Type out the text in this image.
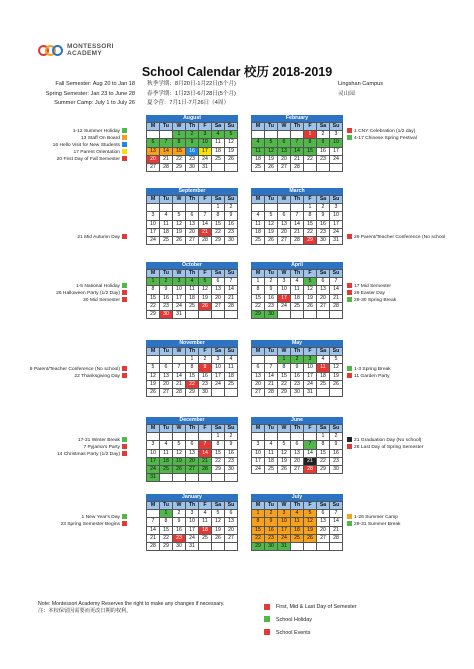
MONTESSORI
ACADEMY
School Calendar 校历 2018-2019
Fall Semester: Aug 20 to Jan 18
Spring Semester: Jan 23 to June 28
Summer Camp: July 1 to July 26
秋季学期：8月20日-1月22日(5个月)
春季学期：1月23日-6月28日(5个月)
夏令营：7月1日-7月26日（4周）
Lingshan Campus
灵山园
August
M	Tu	W	Th	F	Sa	Su
		1	2	3	4	5
6	7	8	9	10	11	12
13	14	15	16	17	18	19
20	21	22	23	24	25	26
27	28	29	30	31		
February
M	Tu	W	Th	F	Sa	Su
				1	2	3
4	5	6	7	8	9	10
11	12	13	14	15	16	17
18	19	20	21	22	23	24
25	26	27	28			
September
M	Tu	W	Th	F	Sa	Su
					1	2
3	4	5	6	7	8	9
10	11	12	13	14	15	16
17	18	19	20	21	22	23
24	25	26	27	28	29	30
March
M	Tu	W	Th	F	Sa	Su
				1	2	3
4	5	6	7	8	9	10
11	12	13	14	15	16	17
18	19	20	21	22	23	24
25	26	27	28	29	30	31
October
M	Tu	W	Th	F	Sa	Su
1	2	3	4	5	6	7
8	9	10	11	12	13	14
15	16	17	18	19	20	21
22	23	24	25	26	27	28
29	30	31				
April
M	Tu	W	Th	F	Sa	Su
1	2	3	4	5	6	7
8	9	10	11	12	13	14
15	16	17	18	19	20	21
22	23	24	25	26	27	28
29	30					
November
M	Tu	W	Th	F	Sa	Su
			1	2	3	4
5	6	7	8	9	10	11
12	13	14	15	16	17	18
19	20	21	22	23	24	25
26	27	28	29	30		
May
M	Tu	W	Th	F	Sa	Su
		1	2	3	4	5
6	7	8	9	10	11	12
13	14	15	16	17	18	19
20	21	22	23	24	25	26
27	28	29	30	31		
December
M	Tu	W	Th	F	Sa	Su
					1	2
3	4	5	6	7	8	9
10	11	12	13	14	15	16
17	18	19	20	21	22	23
24	25	26	27	28	29	30
31						
June
M	Tu	W	Th	F	Sa	Su
					1	2
3	4	5	6	7	8	9
10	11	12	13	14	15	16
17	18	19	20	21	22	23
24	25	26	27	28	29	30
January
M	Tu	W	Th	F	Sa	Su
	1	2	3	4	5	6
7	8	9	10	11	12	13
14	15	16	17	18	19	20
21	22	23	24	25	26	27
28	29	30	31			
July
M	Tu	W	Th	F	Sa	Su
1	2	3	4	5	6	7
8	9	10	11	12	13	14
15	16	17	18	19	20	21
22	23	24	25	26	27	28
29	30	31				
1-12 Summer Holiday
13 Staff On Board
16 Hello Visit for New Students
17 Parent Orientation
20 First Day of Fall Semester
21 Mid Autumn Day
1-5 National Holiday
26 Halloween Party (1/2 Day)
30 Mid Semester
9 Parent/Teacher Conference (No school)
22 Thanksgiving Day
17-31 Winter Break
7 Pyjama's Party
14 Christmas Party (1/2 Day)
1 New Year's Day
23 Spring Semester Begins
1 CNY Celebration (1/2 day)
4-17 Chinese Spring Festival
29 Parent/Teacher Conference (No school
17 Mid Semester
29 Easter Day
29-30 Spring Break
1-3 Spring Break
11 Garden Party
21 Graduation Day (No school)
28 Last Day of Spring Semester
1-26 Summer Camp
29-31 Summer Break
Note: Montessori Academy Reserves the right to make any changes if necessary.
注：本校保留因需要而更改日期的权利。
First, Mid & Last Day of Semester
School Holiday
School Events
